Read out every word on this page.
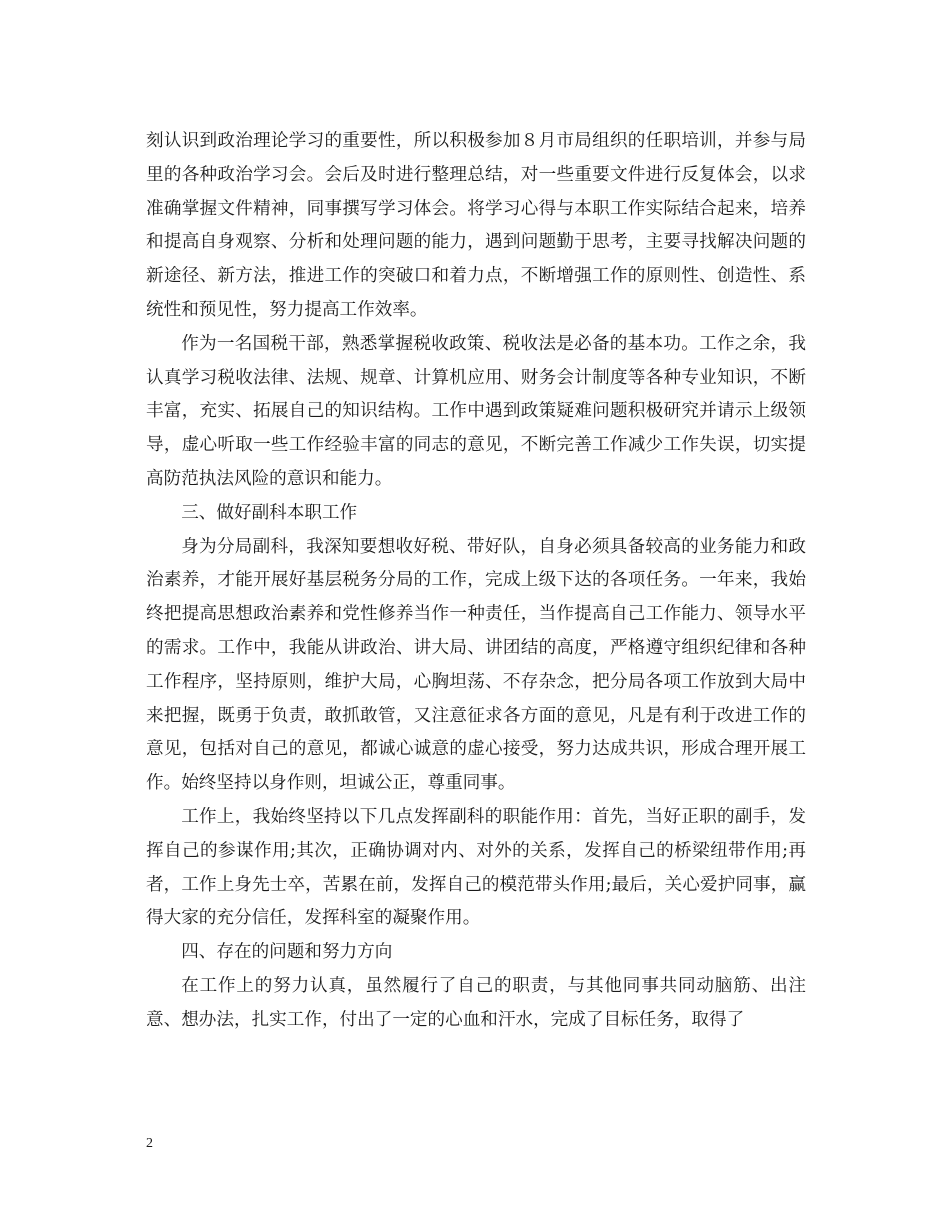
刻认识到政治理论学习的重要性，所以积极参加８月市局组织的任职培训，并参与局里的各种政治学习会。会后及时进行整理总结，对一些重要文件进行反复体会，以求准确掌握文件精神，同事撰写学习体会。将学习心得与本职工作实际结合起来，培养和提高自身观察、分析和处理问题的能力，遇到问题勤于思考，主要寻找解决问题的新途径、新方法，推进工作的突破口和着力点，不断增强工作的原则性、创造性、系统性和预见性，努力提高工作效率。

作为一名国税干部，熟悉掌握税收政策、税收法是必备的基本功。工作之余，我认真学习税收法律、法规、规章、计算机应用、财务会计制度等各种专业知识，不断丰富，充实、拓展自己的知识结构。工作中遇到政策疑难问题积极研究并请示上级领导，虚心听取一些工作经验丰富的同志的意见，不断完善工作减少工作失误，切实提高防范执法风险的意识和能力。

三、做好副科本职工作

身为分局副科，我深知要想收好税、带好队，自身必须具备较高的业务能力和政治素养，才能开展好基层税务分局的工作，完成上级下达的各项任务。一年来，我始终把提高思想政治素养和党性修养当作一种责任，当作提高自己工作能力、领导水平的需求。工作中，我能从讲政治、讲大局、讲团结的高度，严格遵守组织纪律和各种工作程序，坚持原则，维护大局，心胸坦荡、不存杂念，把分局各项工作放到大局中来把握，既勇于负责，敢抓敢管，又注意征求各方面的意见，凡是有利于改进工作的意见，包括对自己的意见，都诚心诚意的虚心接受，努力达成共识，形成合理开展工作。始终坚持以身作则，坦诚公正，尊重同事。

工作上，我始终坚持以下几点发挥副科的职能作用：首先，当好正职的副手，发挥自己的参谋作用;其次，正确协调对内、对外的关系，发挥自己的桥梁纽带作用;再者，工作上身先士卒，苦累在前，发挥自己的模范带头作用;最后，关心爱护同事，赢得大家的充分信任，发挥科室的凝聚作用。

四、存在的问题和努力方向

在工作上的努力认真，虽然履行了自己的职责，与其他同事共同动脑筋、出注意、想办法，扎实工作，付出了一定的心血和汗水，完成了目标任务，取得了

2
